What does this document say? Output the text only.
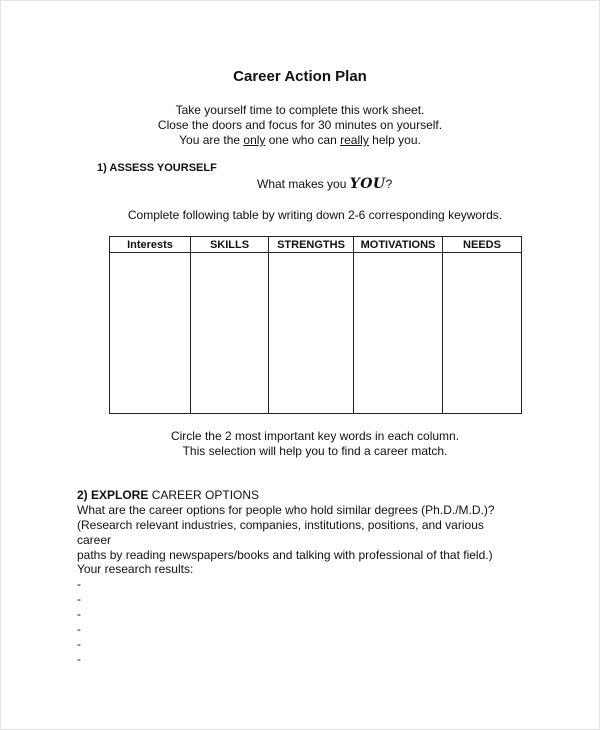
Career Action Plan
Take yourself time to complete this work sheet.
Close the doors and focus for 30 minutes on yourself.
You are the only one who can really help you.
1) ASSESS YOURSELF
What makes you YOU?
Complete following table by writing down 2-6 corresponding keywords.
Interests	SKILLS	STRENGTHS	MOTIVATIONS	NEEDS

Circle the 2 most important key words in each column.
This selection will help you to find a career match.
2) EXPLORE CAREER OPTIONS
What are the career options for people who hold similar degrees (Ph.D./M.D.)?
(Research relevant industries, companies, institutions, positions, and various career
paths by reading newspapers/books and talking with professional of that field.)
Your research results:
-
-
-
-
-
-
